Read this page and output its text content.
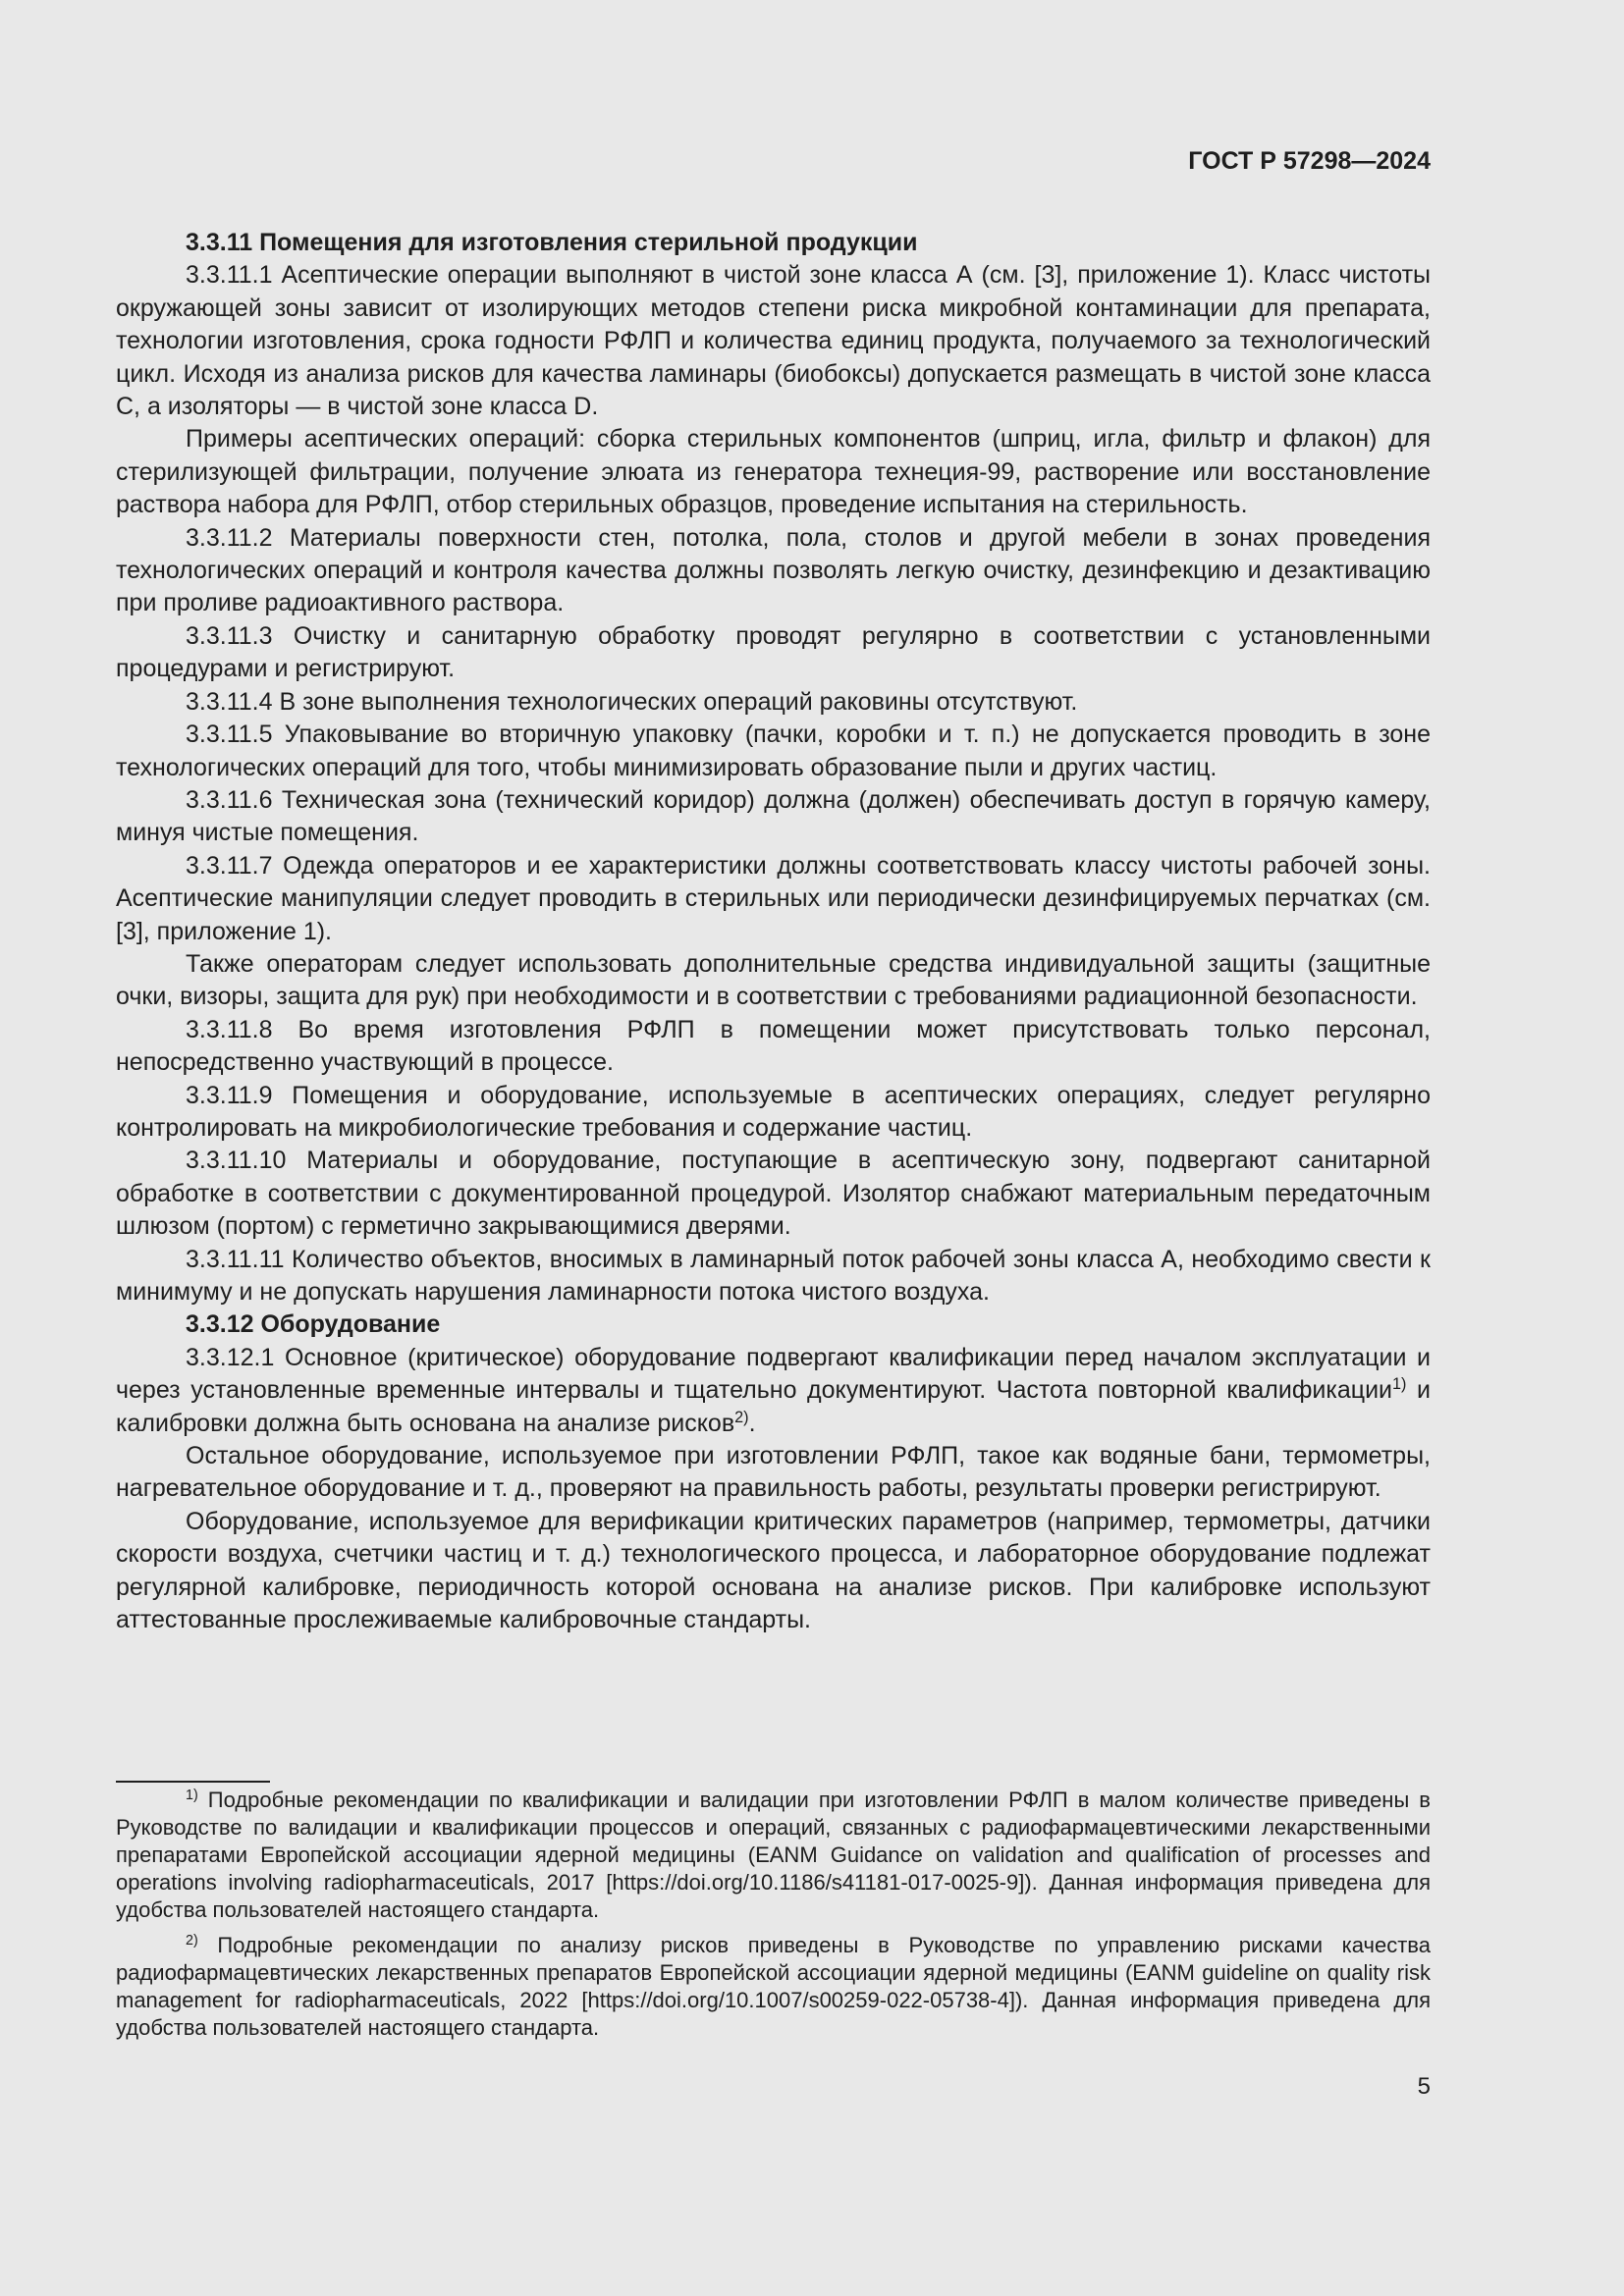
ГОСТ Р 57298—2024

3.3.11 Помещения для изготовления стерильной продукции

3.3.11.1 Асептические операции выполняют в чистой зоне класса А (см. [3], приложение 1). Класс чистоты окружающей зоны зависит от изолирующих методов степени риска микробной контаминации для препарата, технологии изготовления, срока годности РФЛП и количества единиц продукта, получаемого за технологический цикл. Исходя из анализа рисков для качества ламинары (биобоксы) допускается размещать в чистой зоне класса С, а изоляторы — в чистой зоне класса D.

Примеры асептических операций: сборка стерильных компонентов (шприц, игла, фильтр и флакон) для стерилизующей фильтрации, получение элюата из генератора технеция-99, растворение или восстановление раствора набора для РФЛП, отбор стерильных образцов, проведение испытания на стерильность.

3.3.11.2 Материалы поверхности стен, потолка, пола, столов и другой мебели в зонах проведения технологических операций и контроля качества должны позволять легкую очистку, дезинфекцию и дезактивацию при проливе радиоактивного раствора.

3.3.11.3 Очистку и санитарную обработку проводят регулярно в соответствии с установленными процедурами и регистрируют.

3.3.11.4 В зоне выполнения технологических операций раковины отсутствуют.

3.3.11.5 Упаковывание во вторичную упаковку (пачки, коробки и т. п.) не допускается проводить в зоне технологических операций для того, чтобы минимизировать образование пыли и других частиц.

3.3.11.6 Техническая зона (технический коридор) должна (должен) обеспечивать доступ в горячую камеру, минуя чистые помещения.

3.3.11.7 Одежда операторов и ее характеристики должны соответствовать классу чистоты рабочей зоны. Асептические манипуляции следует проводить в стерильных или периодически дезинфицируемых перчатках (см. [3], приложение 1).

Также операторам следует использовать дополнительные средства индивидуальной защиты (защитные очки, визоры, защита для рук) при необходимости и в соответствии с требованиями радиационной безопасности.

3.3.11.8 Во время изготовления РФЛП в помещении может присутствовать только персонал, непосредственно участвующий в процессе.

3.3.11.9 Помещения и оборудование, используемые в асептических операциях, следует регулярно контролировать на микробиологические требования и содержание частиц.

3.3.11.10 Материалы и оборудование, поступающие в асептическую зону, подвергают санитарной обработке в соответствии с документированной процедурой. Изолятор снабжают материальным передаточным шлюзом (портом) с герметично закрывающимися дверями.

3.3.11.11 Количество объектов, вносимых в ламинарный поток рабочей зоны класса А, необходимо свести к минимуму и не допускать нарушения ламинарности потока чистого воздуха.

3.3.12 Оборудование

3.3.12.1 Основное (критическое) оборудование подвергают квалификации перед началом эксплуатации и через установленные временные интервалы и тщательно документируют. Частота повторной квалификации$^{1)}$ и калибровки должна быть основана на анализе рисков$^{2)}$.

Остальное оборудование, используемое при изготовлении РФЛП, такое как водяные бани, термометры, нагревательное оборудование и т. д., проверяют на правильность работы, результаты проверки регистрируют.

Оборудование, используемое для верификации критических параметров (например, термометры, датчики скорости воздуха, счетчики частиц и т. д.) технологического процесса, и лабораторное оборудование подлежат регулярной калибровке, периодичность которой основана на анализе рисков. При калибровке используют аттестованные прослеживаемые калибровочные стандарты.

$^{1)}$ Подробные рекомендации по квалификации и валидации при изготовлении РФЛП в малом количестве приведены в Руководстве по валидации и квалификации процессов и операций, связанных с радиофармацевтическими лекарственными препаратами Европейской ассоциации ядерной медицины (EANM Guidance on validation and qualification of processes and operations involving radiopharmaceuticals, 2017 [https://doi.org/10.1186/s41181-017-0025-9]). Данная информация приведена для удобства пользователей настоящего стандарта.

$^{2)}$ Подробные рекомендации по анализу рисков приведены в Руководстве по управлению рисками качества радиофармацевтических лекарственных препаратов Европейской ассоциации ядерной медицины (EANM guideline on quality risk management for radiopharmaceuticals, 2022 [https://doi.org/10.1007/s00259-022-05738-4]). Данная информация приведена для удобства пользователей настоящего стандарта.

5
